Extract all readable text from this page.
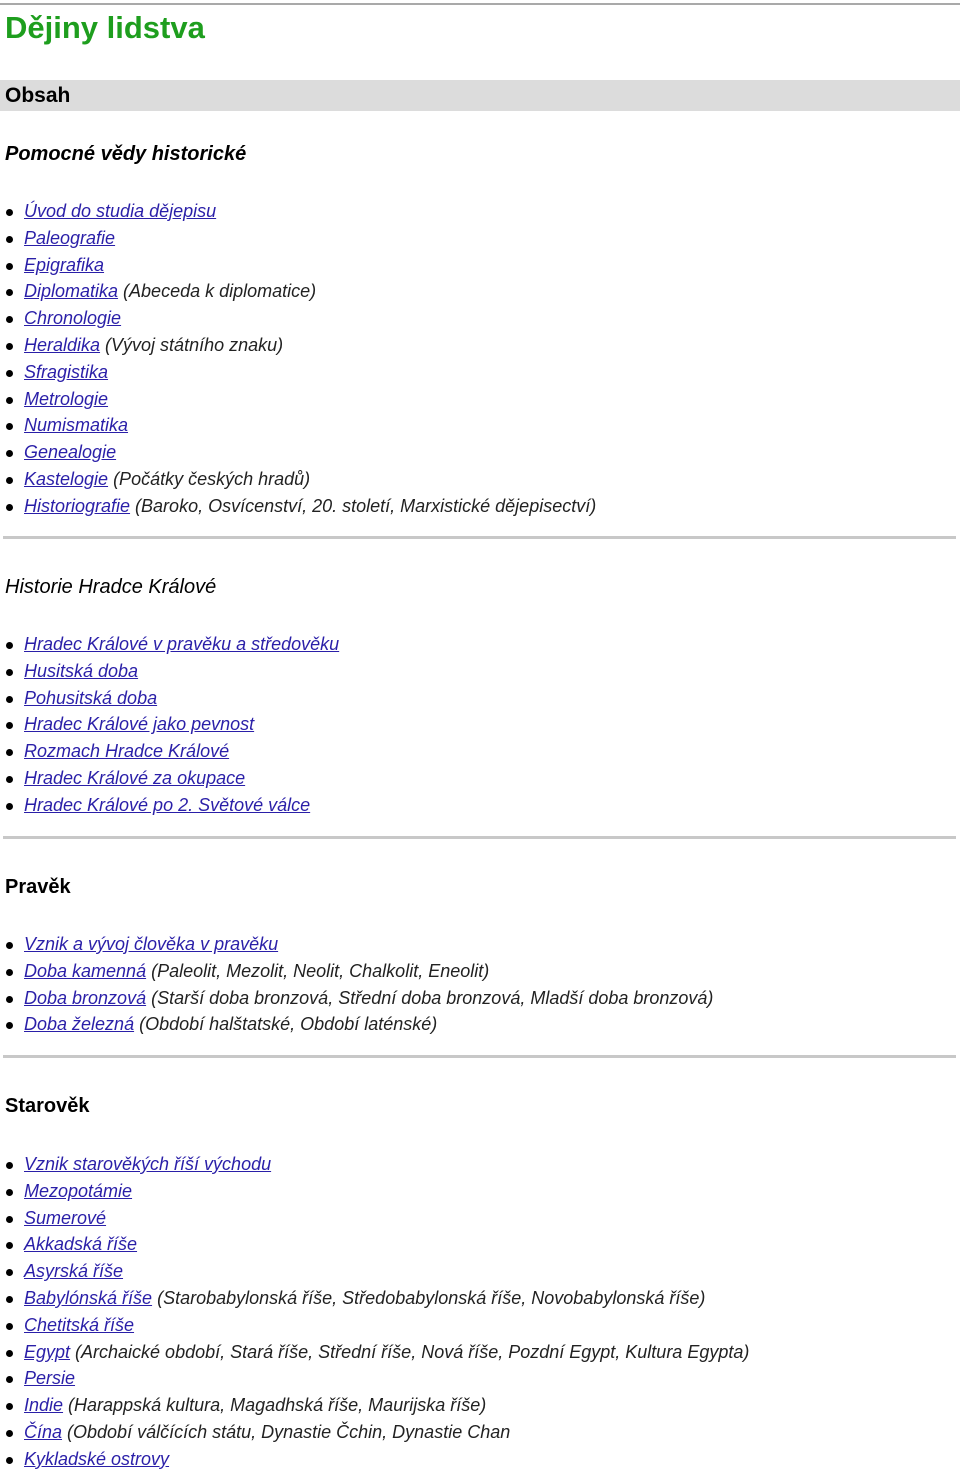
Dějiny lidstva
Obsah
Pomocné vědy historické
Úvod do studia dějepisu
Paleografie
Epigrafika
Diplomatika (Abeceda k diplomatice)
Chronologie
Heraldika (Vývoj státního znaku)
Sfragistika
Metrologie
Numismatika
Genealogie
Kastelogie (Počátky českých hradů)
Historiografie (Baroko, Osvícenství, 20. století, Marxistické dějepisectví)
Historie Hradce Králové
Hradec Králové v pravěku a středověku
Husitská doba
Pohusitská doba
Hradec Králové jako pevnost
Rozmach Hradce Králové
Hradec Králové za okupace
Hradec Králové po 2. Světové válce
Pravěk
Vznik a vývoj člověka v pravěku
Doba kamenná (Paleolit, Mezolit, Neolit, Chalkolit, Eneolit)
Doba bronzová (Starší doba bronzová, Střední doba bronzová, Mladší doba bronzová)
Doba železná (Období halštatské, Období laténské)
Starověk
Vznik starověkých říší východu
Mezopotámie
Sumerové
Akkadská říše
Asyrská říše
Babylónská říše (Starobabylonská říše, Středobabylonská říše, Novobabylonská říše)
Chetitská říše
Egypt (Archaické období, Stará říše, Střední říše, Nová říše, Pozdní Egypt, Kultura Egypta)
Persie
Indie (Harappská kultura, Magadhská říše, Maurijska říše)
Čína (Období válčících státu, Dynastie Čchin, Dynastie Chan
Kykladské ostrovy
